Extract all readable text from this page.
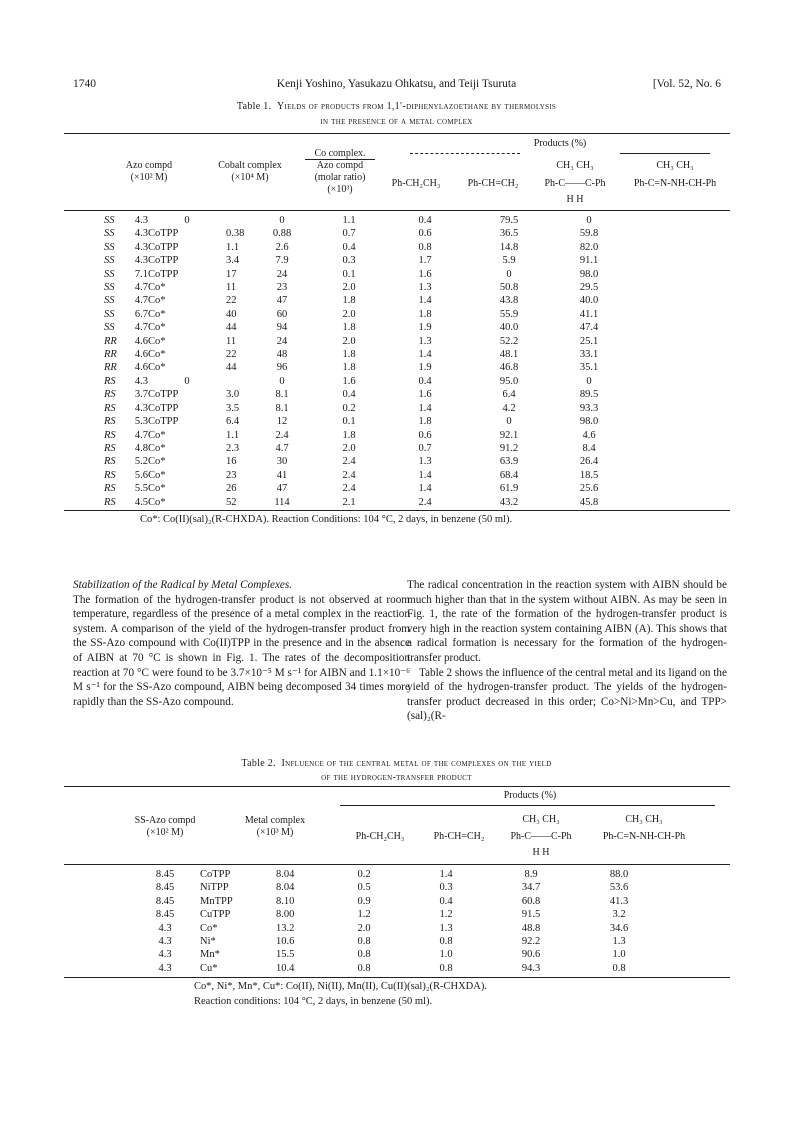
1740	Kenji Yoshino, Yasukazu Ohkatsu, and Teiji Tsuruta	[Vol. 52, No. 6
Table 1. Yields of products from 1,1′-diphenylazoethane by thermolysis
in the presence of a metal complex
Products (%)
Azo compd
(×10² M)
Cobalt complex
(×10⁴ M)
Co complex.
Azo compd
(molar ratio)
(×10³)
Ph-CH₂CH₃	Ph-CH=CH₂
CH₃ CH₃
Ph-C——C-Ph
H H
CH₃ CH₃
Ph-C=N-NH-CH-Ph
SS	4.3	0		0	1.1	0.4	79.5	0
SS	4.3	CoTPP	0.38	0.88	0.7	0.6	36.5	59.8
SS	4.3	CoTPP	1.1	2.6	0.4	0.8	14.8	82.0
SS	4.3	CoTPP	3.4	7.9	0.3	1.7	5.9	91.1
SS	7.1	CoTPP	17	24	0.1	1.6	0	98.0
SS	4.7	Co*	11	23	2.0	1.3	50.8	29.5
SS	4.7	Co*	22	47	1.8	1.4	43.8	40.0
SS	6.7	Co*	40	60	2.0	1.8	55.9	41.1
SS	4.7	Co*	44	94	1.8	1.9	40.0	47.4
RR	4.6	Co*	11	24	2.0	1.3	52.2	25.1
RR	4.6	Co*	22	48	1.8	1.4	48.1	33.1
RR	4.6	Co*	44	96	1.8	1.9	46.8	35.1
RS	4.3	0		0	1.6	0.4	95.0	0
RS	3.7	CoTPP	3.0	8.1	0.4	1.6	6.4	89.5
RS	4.3	CoTPP	3.5	8.1	0.2	1.4	4.2	93.3
RS	5.3	CoTPP	6.4	12	0.1	1.8	0	98.0
RS	4.7	Co*	1.1	2.4	1.8	0.6	92.1	4.6
RS	4.8	Co*	2.3	4.7	2.0	0.7	91.2	8.4
RS	5.2	Co*	16	30	2.4	1.3	63.9	26.4
RS	5.6	Co*	23	41	2.4	1.4	68.4	18.5
RS	5.5	Co*	26	47	2.4	1.4	61.9	25.6
RS	4.5	Co*	52	114	2.1	2.4	43.2	45.8
Co*: Co(II)(sal)₂(R-CHXDA). Reaction Conditions: 104 °C, 2 days, in benzene (50 ml).
Stabilization of the Radical by Metal Complexes.
The formation of the hydrogen-transfer product is not observed at room temperature, regardless of the presence of a metal complex in the reaction system. A comparison of the yield of the hydrogen-transfer product from the SS-Azo compound with Co(II)TPP in the presence and in the absence of AIBN at 70 °C is shown in Fig. 1. The rates of the decomposition reaction at 70 °C were found to be 3.7×10⁻⁵ M s⁻¹ for AIBN and 1.1×10⁻⁶ M s⁻¹ for the SS-Azo compound, AIBN being decomposed 34 times more rapidly than the SS-Azo compound.
The radical concentration in the reaction system with AIBN should be much higher than that in the system without AIBN. As may be seen in Fig. 1, the rate of the formation of the hydrogen-transfer product is very high in the reaction system containing AIBN (A). This shows that a radical formation is necessary for the formation of the hydrogen-transfer product.
Table 2 shows the influence of the central metal and its ligand on the yield of the hydrogen-transfer product. The yields of the hydrogen-transfer product decreased in this order; Co>Ni>Mn>Cu, and TPP>(sal)₂(R-
Table 2. Influence of the central metal of the complexes on the yield
of the hydrogen-transfer product
Products (%)
SS-Azo compd
(×10² M)
Metal complex
(×10³ M)	Ph-CH₂CH₃	Ph-CH=CH₂
CH₃ CH₃
Ph-C——C-Ph
H H
CH₃ CH₃
Ph-C=N-NH-CH-Ph
8.45	CoTPP	8.04	0.2	1.4	8.9	88.0
8.45	NiTPP	8.04	0.5	0.3	34.7	53.6
8.45	MnTPP	8.10	0.9	0.4	60.8	41.3
8.45	CuTPP	8.00	1.2	1.2	91.5	3.2
4.3	Co*	13.2	2.0	1.3	48.8	34.6
4.3	Ni*	10.6	0.8	0.8	92.2	1.3
4.3	Mn*	15.5	0.8	1.0	90.6	1.0
4.3	Cu*	10.4	0.8	0.8	94.3	0.8
Co*, Ni*, Mn*, Cu*: Co(II), Ni(II), Mn(II), Cu(II)(sal)₂(R-CHXDA).
Reaction conditions: 104 °C, 2 days, in benzene (50 ml).
